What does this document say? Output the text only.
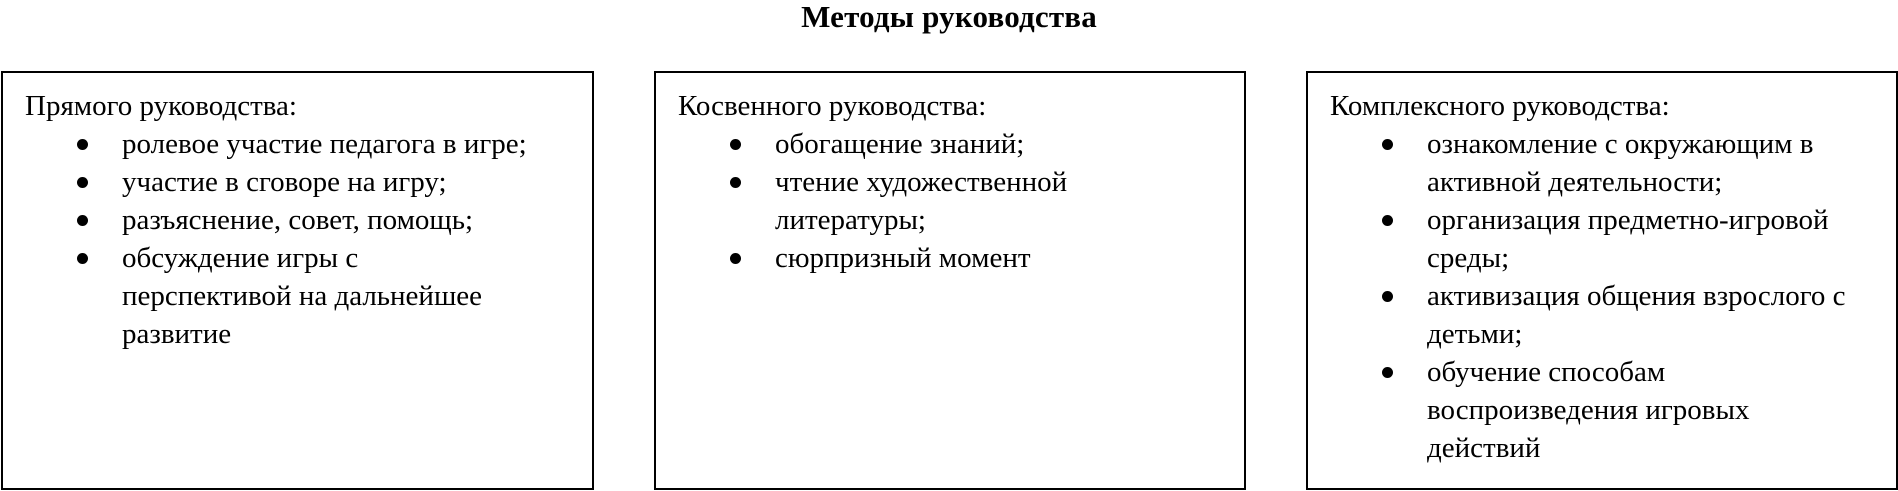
Методы руководства
Прямого руководства:
ролевое участие педагога в игре;
участие в сговоре на игру;
разъяснение, совет, помощь;
обсуждение игры с перспективой на дальнейшее развитие
Косвенного руководства:
обогащение знаний;
чтение художественной литературы;
сюрпризный момент
Комплексного руководства:
ознакомление с окружающим в активной деятельности;
организация предметно-игровой среды;
активизация общения взрослого с детьми;
обучение способам воспроизведения игровых действий
